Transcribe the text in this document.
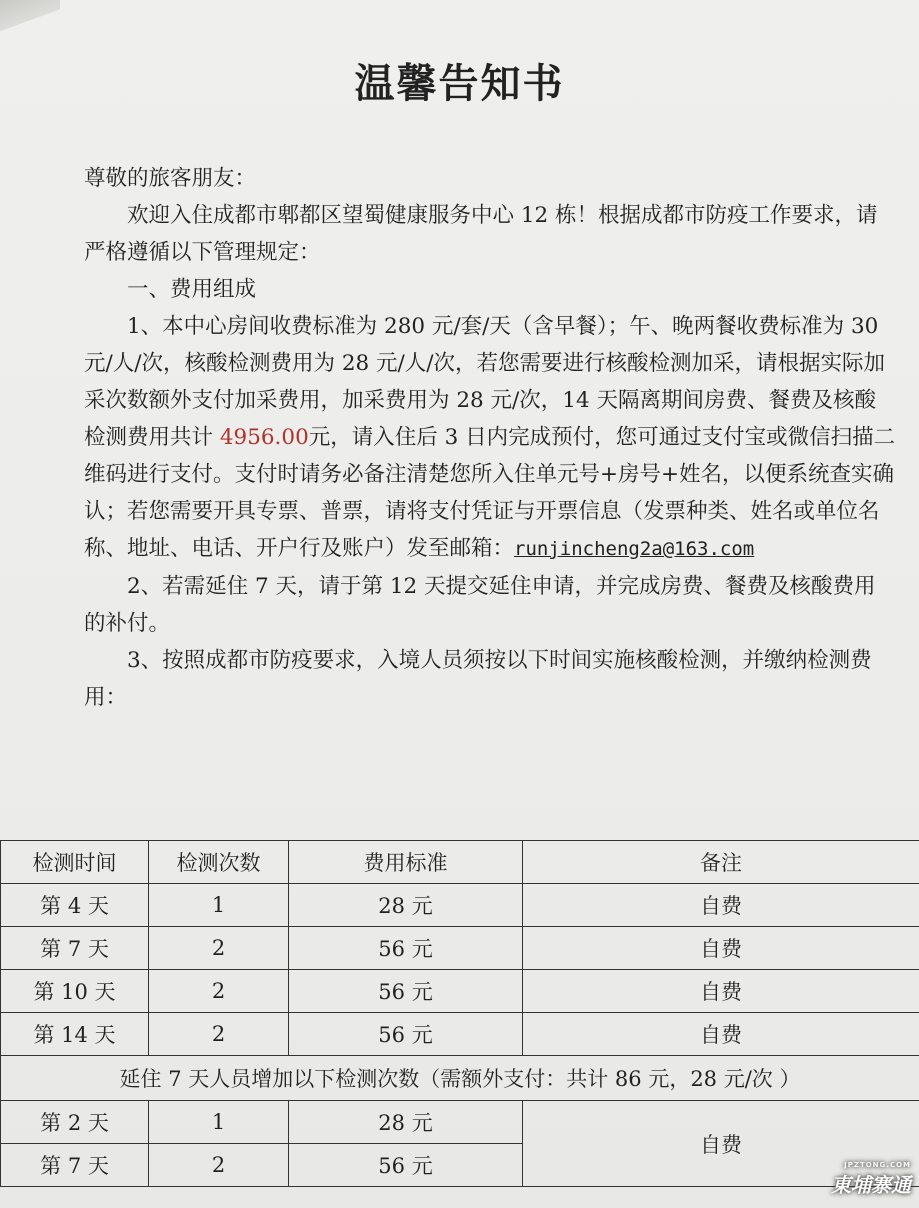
温馨告知书

尊敬的旅客朋友：

欢迎入住成都市郫都区望蜀健康服务中心 12 栋！根据成都市防疫工作要求，请严格遵循以下管理规定：

一、费用组成

1、本中心房间收费标准为 280 元/套/天（含早餐）；午、晚两餐收费标准为 30 元/人/次，核酸检测费用为 28 元/人/次，若您需要进行核酸检测加采，请根据实际加采次数额外支付加采费用，加采费用为 28 元/次，14 天隔离期间房费、餐费及核酸检测费用共计 4956.00元，请入住后 3 日内完成预付，您可通过支付宝或微信扫描二维码进行支付。支付时请务必备注清楚您所入住单元号+房号+姓名，以便系统查实确认；若您需要开具专票、普票，请将支付凭证与开票信息（发票种类、姓名或单位名称、地址、电话、开户行及账户）发至邮箱：runjincheng2a@163.com

2、若需延住 7 天，请于第 12 天提交延住申请，并完成房费、餐费及核酸费用的补付。

3、按照成都市防疫要求，入境人员须按以下时间实施核酸检测，并缴纳检测费用：

检测时间	检测次数	费用标准	备注
第 4 天	1	28 元	自费
第 7 天	2	56 元	自费
第 10 天	2	56 元	自费
第 14 天	2	56 元	自费
延住 7 天人员增加以下检测次数（需额外支付：共计 86 元，28 元/次 ）			
第 2 天	1	28 元	自费
第 7 天	2	56 元		JPZTONG.COM
東埔寨通
